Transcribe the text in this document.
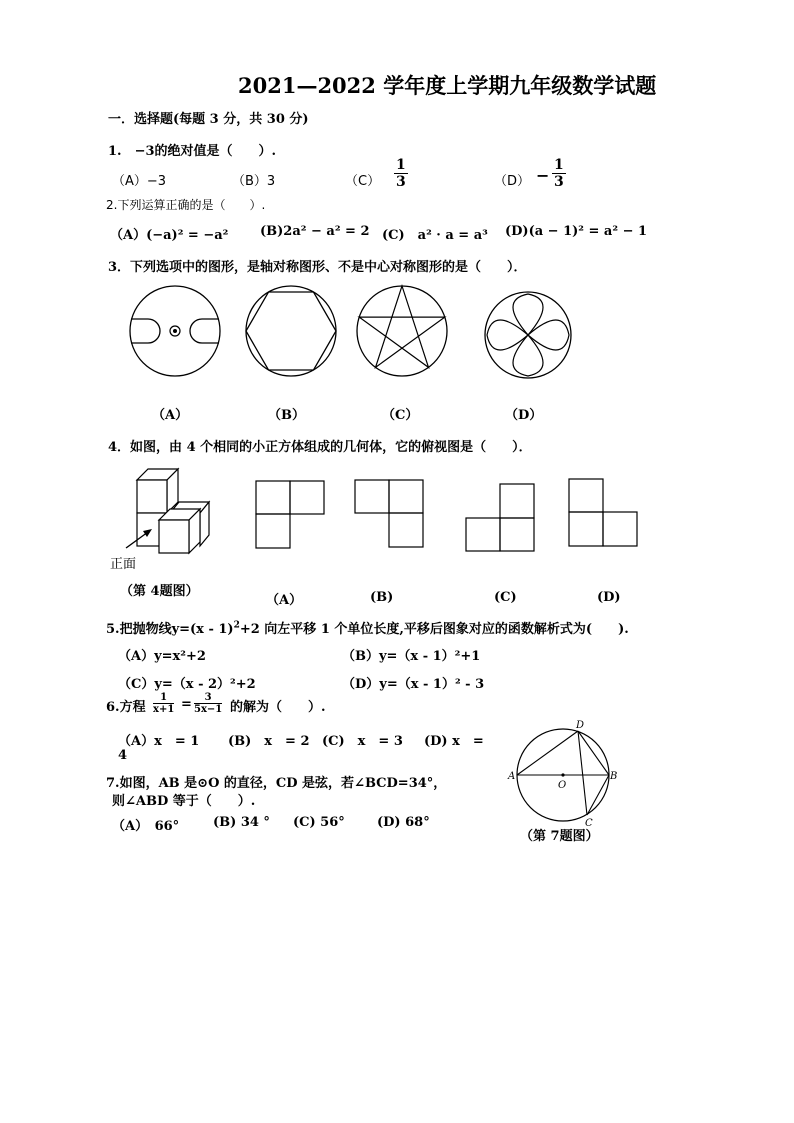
2021—2022 学年度上学期九年级数学试题
一．选择题(每题 3 分，共 30 分)
1.　−3的绝对值是（　　）.
（A）−3	（B）3	$(C) \frac{1}{3}$	$(D) - \frac{1}{3}$
2.下列运算正确的是（　　）.
（A）(−a)² = −a² (B)2a² − a² = 2 (C)　a² · a = a³ (D)(a − 1)² = a² − 1
3．下列选项中的图形，是轴对称图形、不是中心对称图形的是（　　）．
（A）	（B）	（C）	（D）
4．如图，由 4 个相同的小正方体组成的几何体，它的俯视图是（　　）．
正面
（第 4题图）
（A）	(B)	(C)	(D)
5.把抛物线y=(x - 1)$^2$+2 向左平移 1 个单位长度,平移后图象对应的函数解析式为(　　).
（A）y=x²+2	（B）y=（x - 1）²+1
（C）y=（x - 2）²+2	（D）y=（x - 1）² - 3
6.方程 $\frac{1}{x+1} = \frac{3}{5x-1}$ 的解为（　　）.
（A）x　= 1 (B)　x　= 2 (C)　x　= 3 (D) x　=
4
7.如图，AB 是⊙O 的直径，CD 是弦，若∠BCD=34°，
则∠ABD 等于（　　）.
（A）　66°	(B) 34 ° (C) 56° (D) 68°
A	B
C
D
O
（第 7题图）
